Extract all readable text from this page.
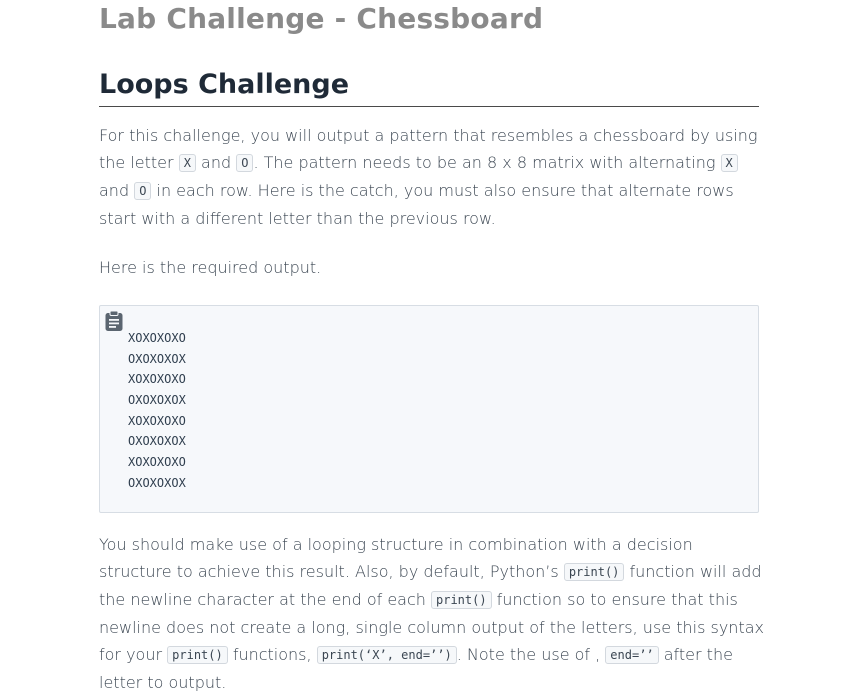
Lab Challenge - Chessboard
Loops Challenge

For this challenge, you will output a pattern that resembles a chessboard by using the letter X and O . The pattern needs to be an 8 x 8 matrix with alternating X and O in each row. Here is the catch, you must also ensure that alternate rows start with a different letter than the previous row.

Here is the required output.

XOXOXOXO
OXOXOXOX
XOXOXOXO
OXOXOXOX
XOXOXOXO
OXOXOXOX
XOXOXOXO
OXOXOXOX

You should make use of a looping structure in combination with a decision structure to achieve this result. Also, by default, Python’s print() function will add the newline character at the end of each print() function so to ensure that this newline does not create a long, single column output of the letters, use this syntax for your print() functions, print(‘X’, end=’’) . Note the use of , end=’’ after the letter to output.
